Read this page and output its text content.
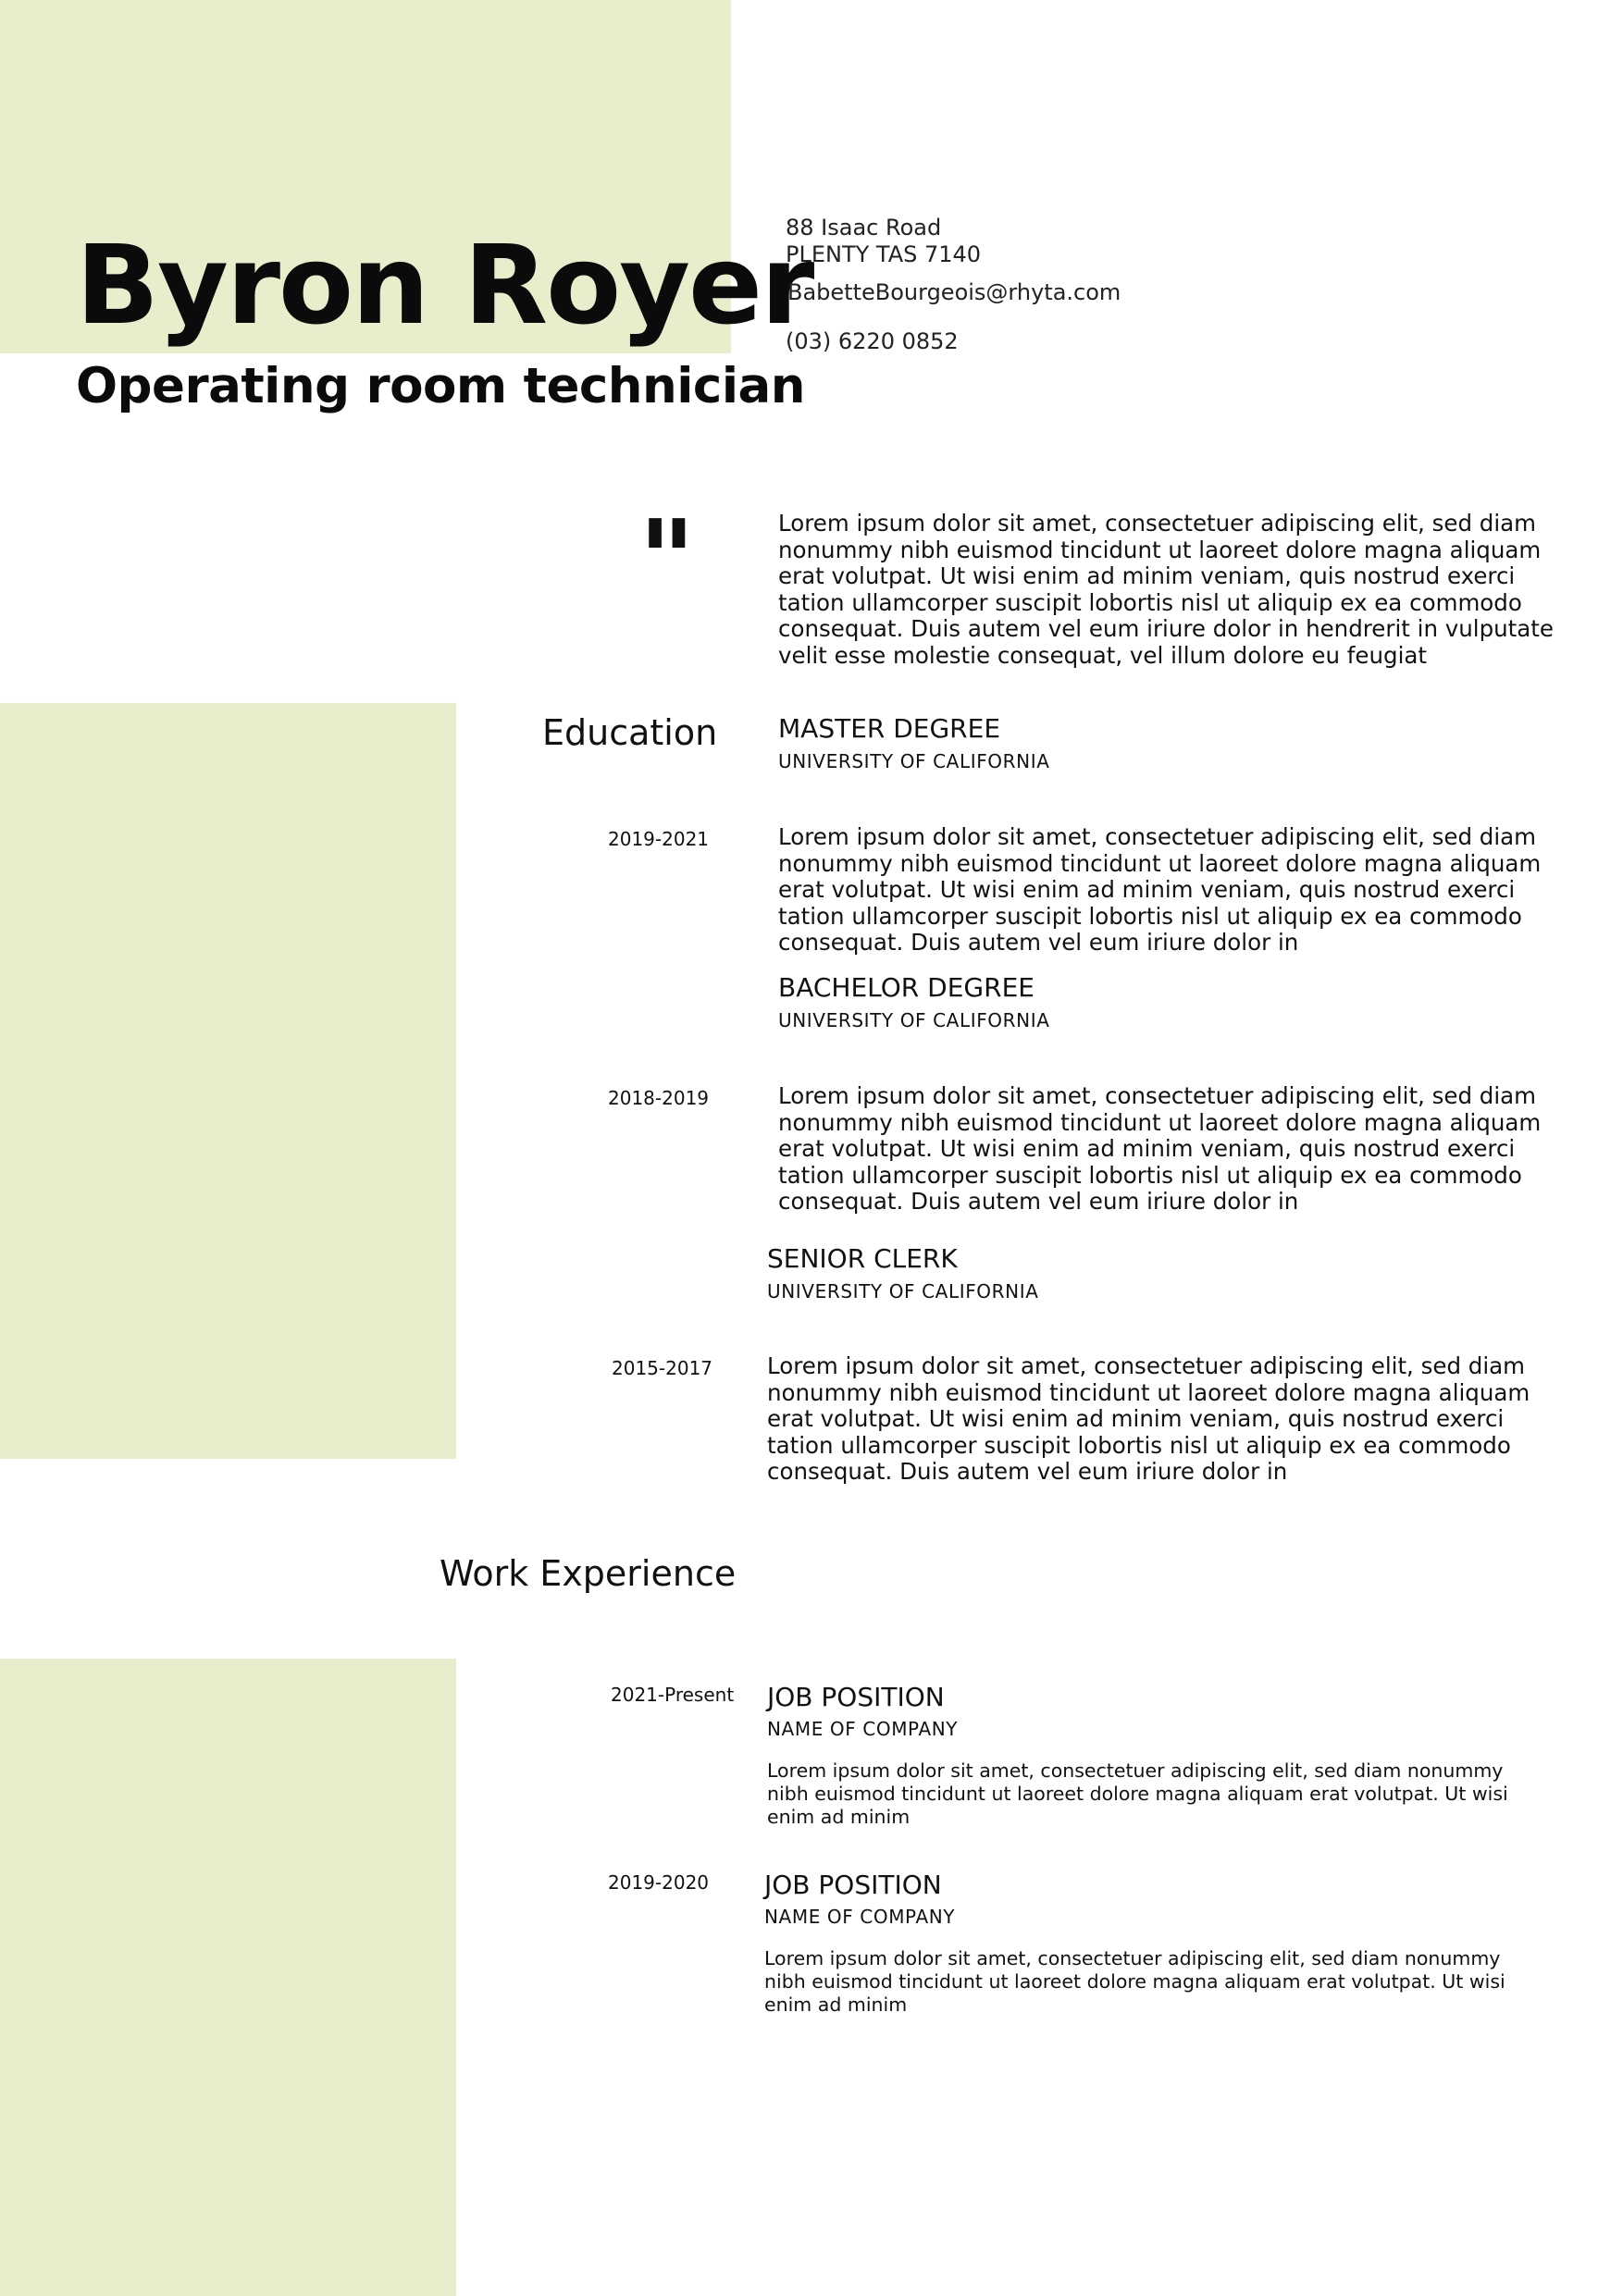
Byron Royer
Operating room technician
88 Isaac Road
PLENTY TAS 7140
BabetteBourgeois@rhyta.com
(03) 6220 0852
"	Lorem ipsum dolor sit amet, consectetuer adipiscing elit, sed diam nonummy nibh euismod tincidunt ut laoreet dolore magna aliquam erat volutpat. Ut wisi enim ad minim veniam, quis nostrud exerci tation ullamcorper suscipit lobortis nisl ut aliquip ex ea commodo consequat. Duis autem vel eum iriure dolor in hendrerit in vulputate velit esse molestie consequat, vel illum dolore eu feugiat
Education MASTER DEGREE
UNIVERSITY OF CALIFORNIA
2019-2021	Lorem ipsum dolor sit amet, consectetuer adipiscing elit, sed diam nonummy nibh euismod tincidunt ut laoreet dolore magna aliquam erat volutpat. Ut wisi enim ad minim veniam, quis nostrud exerci tation ullamcorper suscipit lobortis nisl ut aliquip ex ea commodo consequat. Duis autem vel eum iriure dolor in
BACHELOR DEGREE
UNIVERSITY OF CALIFORNIA
2018-2019	Lorem ipsum dolor sit amet, consectetuer adipiscing elit, sed diam nonummy nibh euismod tincidunt ut laoreet dolore magna aliquam erat volutpat. Ut wisi enim ad minim veniam, quis nostrud exerci tation ullamcorper suscipit lobortis nisl ut aliquip ex ea commodo consequat. Duis autem vel eum iriure dolor in
SENIOR CLERK
UNIVERSITY OF CALIFORNIA
2015-2017 Lorem ipsum dolor sit amet, consectetuer adipiscing elit, sed diam nonummy nibh euismod tincidunt ut laoreet dolore magna aliquam erat volutpat. Ut wisi enim ad minim veniam, quis nostrud exerci tation ullamcorper suscipit lobortis nisl ut aliquip ex ea commodo consequat. Duis autem vel eum iriure dolor in
Work Experience
2021-Present JOB POSITION
NAME OF COMPANY
Lorem ipsum dolor sit amet, consectetuer adipiscing elit, sed diam nonummy nibh euismod tincidunt ut laoreet dolore magna aliquam erat volutpat. Ut wisi enim ad minim
2019-2020 JOB POSITION
NAME OF COMPANY
Lorem ipsum dolor sit amet, consectetuer adipiscing elit, sed diam nonummy nibh euismod tincidunt ut laoreet dolore magna aliquam erat volutpat. Ut wisi enim ad minim
